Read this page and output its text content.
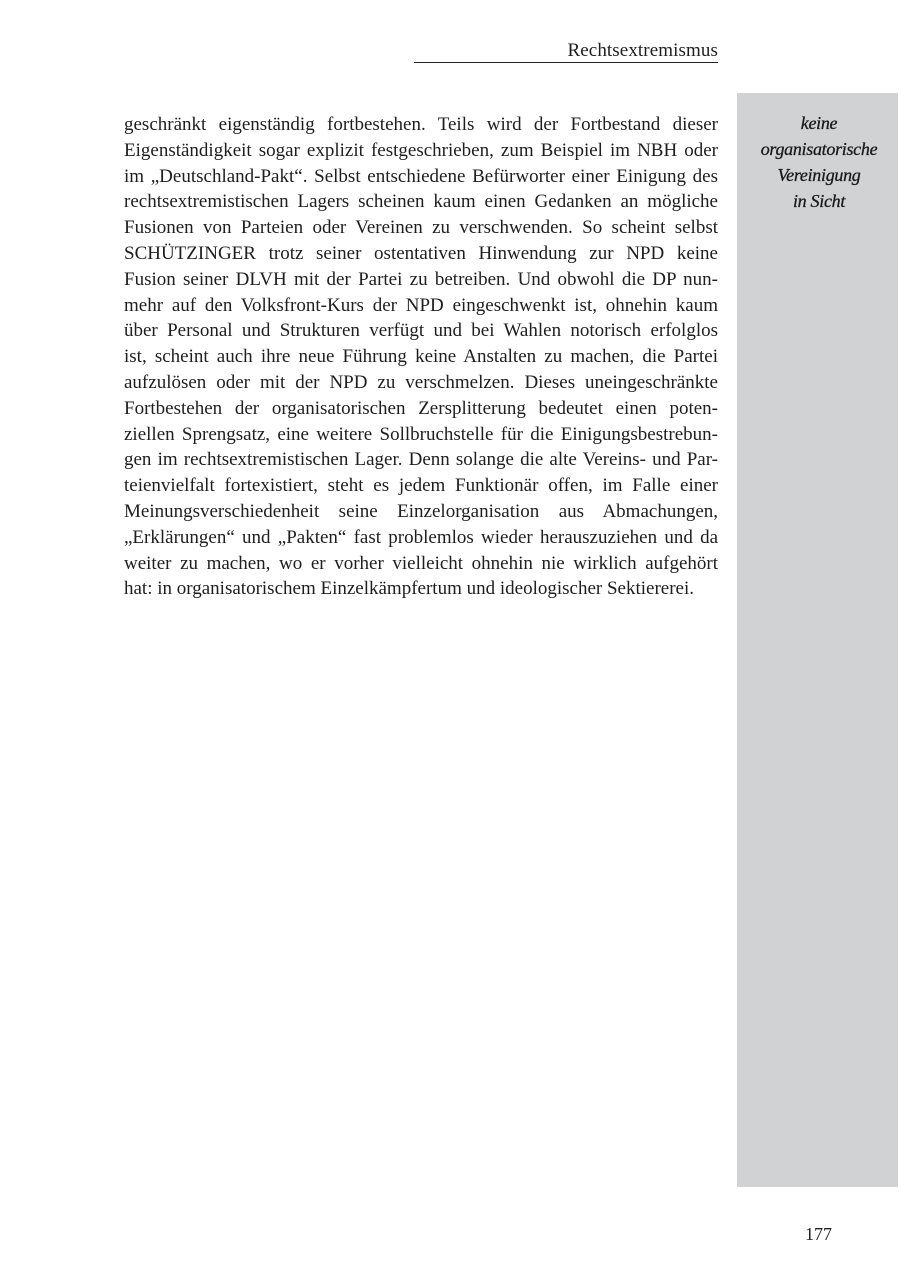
Rechtsextremismus
geschränkt eigenständig fortbestehen. Teils wird der Fortbestand dieser
Eigenständigkeit sogar explizit festgeschrieben, zum Beispiel im NBH oder
im „Deutschland-Pakt“. Selbst entschiedene Befürworter einer Einigung des
rechtsextremistischen Lagers scheinen kaum einen Gedanken an mögliche
Fusionen von Parteien oder Vereinen zu verschwenden. So scheint selbst
SCHÜTZINGER trotz seiner ostentativen Hinwendung zur NPD keine
Fusion seiner DLVH mit der Partei zu betreiben. Und obwohl die DP nun-
mehr auf den Volksfront-Kurs der NPD eingeschwenkt ist, ohnehin kaum
über Personal und Strukturen verfügt und bei Wahlen notorisch erfolglos
ist, scheint auch ihre neue Führung keine Anstalten zu machen, die Partei
aufzulösen oder mit der NPD zu verschmelzen. Dieses uneingeschränkte
Fortbestehen der organisatorischen Zersplitterung bedeutet einen poten-
ziellen Sprengsatz, eine weitere Sollbruchstelle für die Einigungsbestrebun-
gen im rechtsextremistischen Lager. Denn solange die alte Vereins- und Par-
teienvielfalt fortexistiert, steht es jedem Funktionär offen, im Falle einer
Meinungsverschiedenheit seine Einzelorganisation aus Abmachungen,
„Erklärungen“ und „Pakten“ fast problemlos wieder herauszuziehen und da
weiter zu machen, wo er vorher vielleicht ohnehin nie wirklich aufgehört
hat: in organisatorischem Einzelkämpfertum und ideologischer Sektiererei.
keine
organisatorische
Vereinigung
in Sicht
177
